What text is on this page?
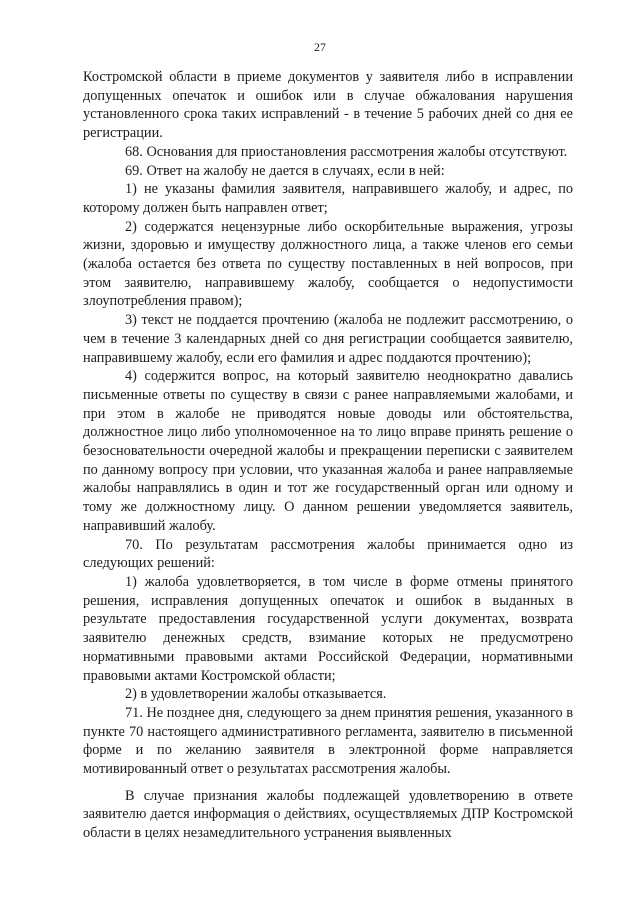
27

Костромской области в приеме документов у заявителя либо в исправлении допущенных опечаток и ошибок или в случае обжалования нарушения установленного срока таких исправлений - в течение 5 рабочих дней со дня ее регистрации.

68. Основания для приостановления рассмотрения жалобы отсутствуют.

69. Ответ на жалобу не дается в случаях, если в ней:

1) не указаны фамилия заявителя, направившего жалобу, и адрес, по которому должен быть направлен ответ;

2) содержатся нецензурные либо оскорбительные выражения, угрозы жизни, здоровью и имуществу должностного лица, а также членов его семьи (жалоба остается без ответа по существу поставленных в ней вопросов, при этом заявителю, направившему жалобу, сообщается о недопустимости злоупотребления правом);

3) текст не поддается прочтению (жалоба не подлежит рассмотрению, о чем в течение 3 календарных дней со дня регистрации сообщается заявителю, направившему жалобу, если его фамилия и адрес поддаются прочтению);

4) содержится вопрос, на который заявителю неоднократно давались письменные ответы по существу в связи с ранее направляемыми жалобами, и при этом в жалобе не приводятся новые доводы или обстоятельства, должностное лицо либо уполномоченное на то лицо вправе принять решение о безосновательности очередной жалобы и прекращении переписки с заявителем по данному вопросу при условии, что указанная жалоба и ранее направляемые жалобы направлялись в один и тот же государственный орган или одному и тому же должностному лицу. О данном решении уведомляется заявитель, направивший жалобу.

70. По результатам рассмотрения жалобы принимается одно из следующих решений:

1) жалоба удовлетворяется, в том числе в форме отмены принятого решения, исправления допущенных опечаток и ошибок в выданных в результате предоставления государственной услуги документах, возврата заявителю денежных средств, взимание которых не предусмотрено нормативными правовыми актами Российской Федерации, нормативными правовыми актами Костромской области;

2) в удовлетворении жалобы отказывается.

71. Не позднее дня, следующего за днем принятия решения, указанного в пункте 70 настоящего административного регламента, заявителю в письменной форме и по желанию заявителя в электронной форме направляется мотивированный ответ о результатах рассмотрения жалобы.

В случае признания жалобы подлежащей удовлетворению в ответе заявителю дается информация о действиях, осуществляемых ДПР Костромской области в целях незамедлительного устранения выявленных
